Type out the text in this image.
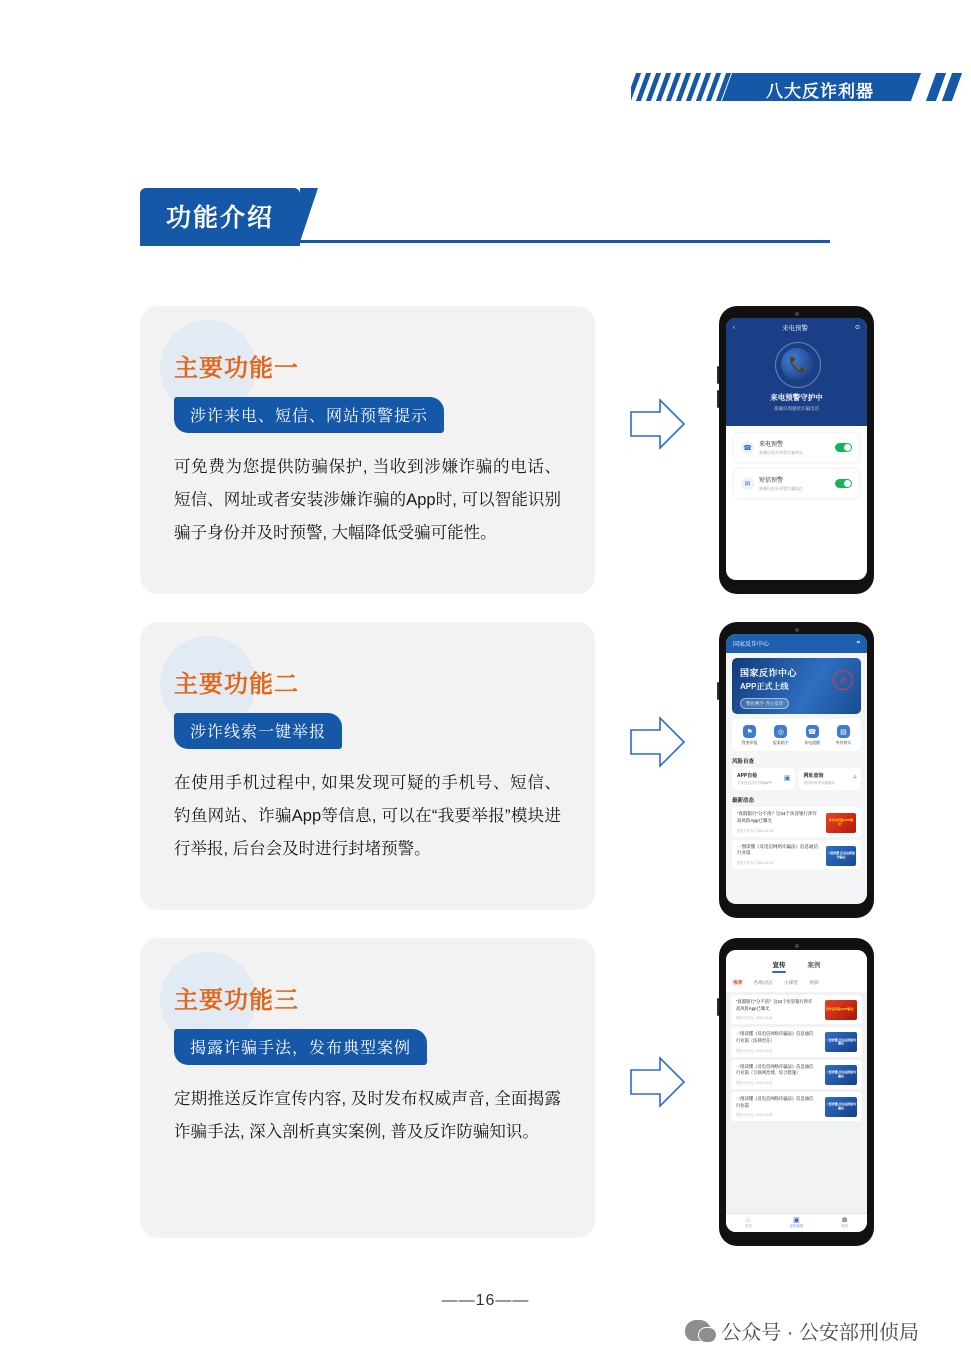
八大反诈利器
功能介绍
主要功能一
涉诈来电、短信、网站预警提示

可免费为您提供防骗保护, 当收到涉嫌诈骗的电话、短信、网址或者安装涉嫌诈骗的App时, 可以智能识别骗子身份并及时预警, 大幅降低受骗可能性。

‹	来电预警	⊙
📞
来电预警守护中
准确识别骚扰诈骗电话
☎	来电预警
准确识别并预警诈骗来电
✉	短信预警
准确识别并预警诈骗短信
主要功能二
涉诈线索一键举报

在使用手机过程中, 如果发现可疑的手机号、短信、钓鱼网站、诈骗App等信息, 可以在“我要举报”模块进行举报, 后台会及时进行封堵预警。

国家反诈中心	⌗
国家反诈中心
APP正式上线
警民携手 齐心反诈
⊘
⚑
我要举报
◎
报案助手
☎
来电提醒
▤
身份核实
风险自查
APP自检
字检是否存在诈骗APP
▣	网址查询
鉴别钓鱼等诈骗网站
⌕
最新动态
“真假银行”分不清？这24个仿冒银行涉诈高风险App已曝光
国家反诈中心 2022-12-16
涉诈高风险APP曝光！
一图读懂《反电信网络诈骗法》信息通信行业篇
国家反诈中心 2022-12-14
一图读懂 反电信网络诈骗法
主要功能三
揭露诈骗手法，发布典型案例

定期推送反诈宣传内容, 及时发布权威声音, 全面揭露诈骗手法, 深入剖析真实案例, 普及反诈防骗知识。

宣传	案例
推荐 各地动态 小课堂 视频
“真假银行”分不清？这24个仿冒银行涉诈高风险App已曝光
国家反诈中心 2022-12-16
涉诈高风险APP曝光！
一图读懂《反电信网络诈骗法》信息通信行业篇（法律责任）
国家反诈中心 2022-12-14
一图读懂 反电信网络诈骗法
一图读懂《反电信网络诈骗法》信息通信行业篇（互联网治理、综合措施）
国家反诈中心 2022-12-14
一图读懂 反电信网络诈骗法
一图读懂《反电信网络诈骗法》信息通信行业篇
国家反诈中心 2022-12-09
一图读懂 反电信网络诈骗法
⌂
首页
▣
反诈宣传
☗
我的
——16——
公众号 · 公安部刑侦局
